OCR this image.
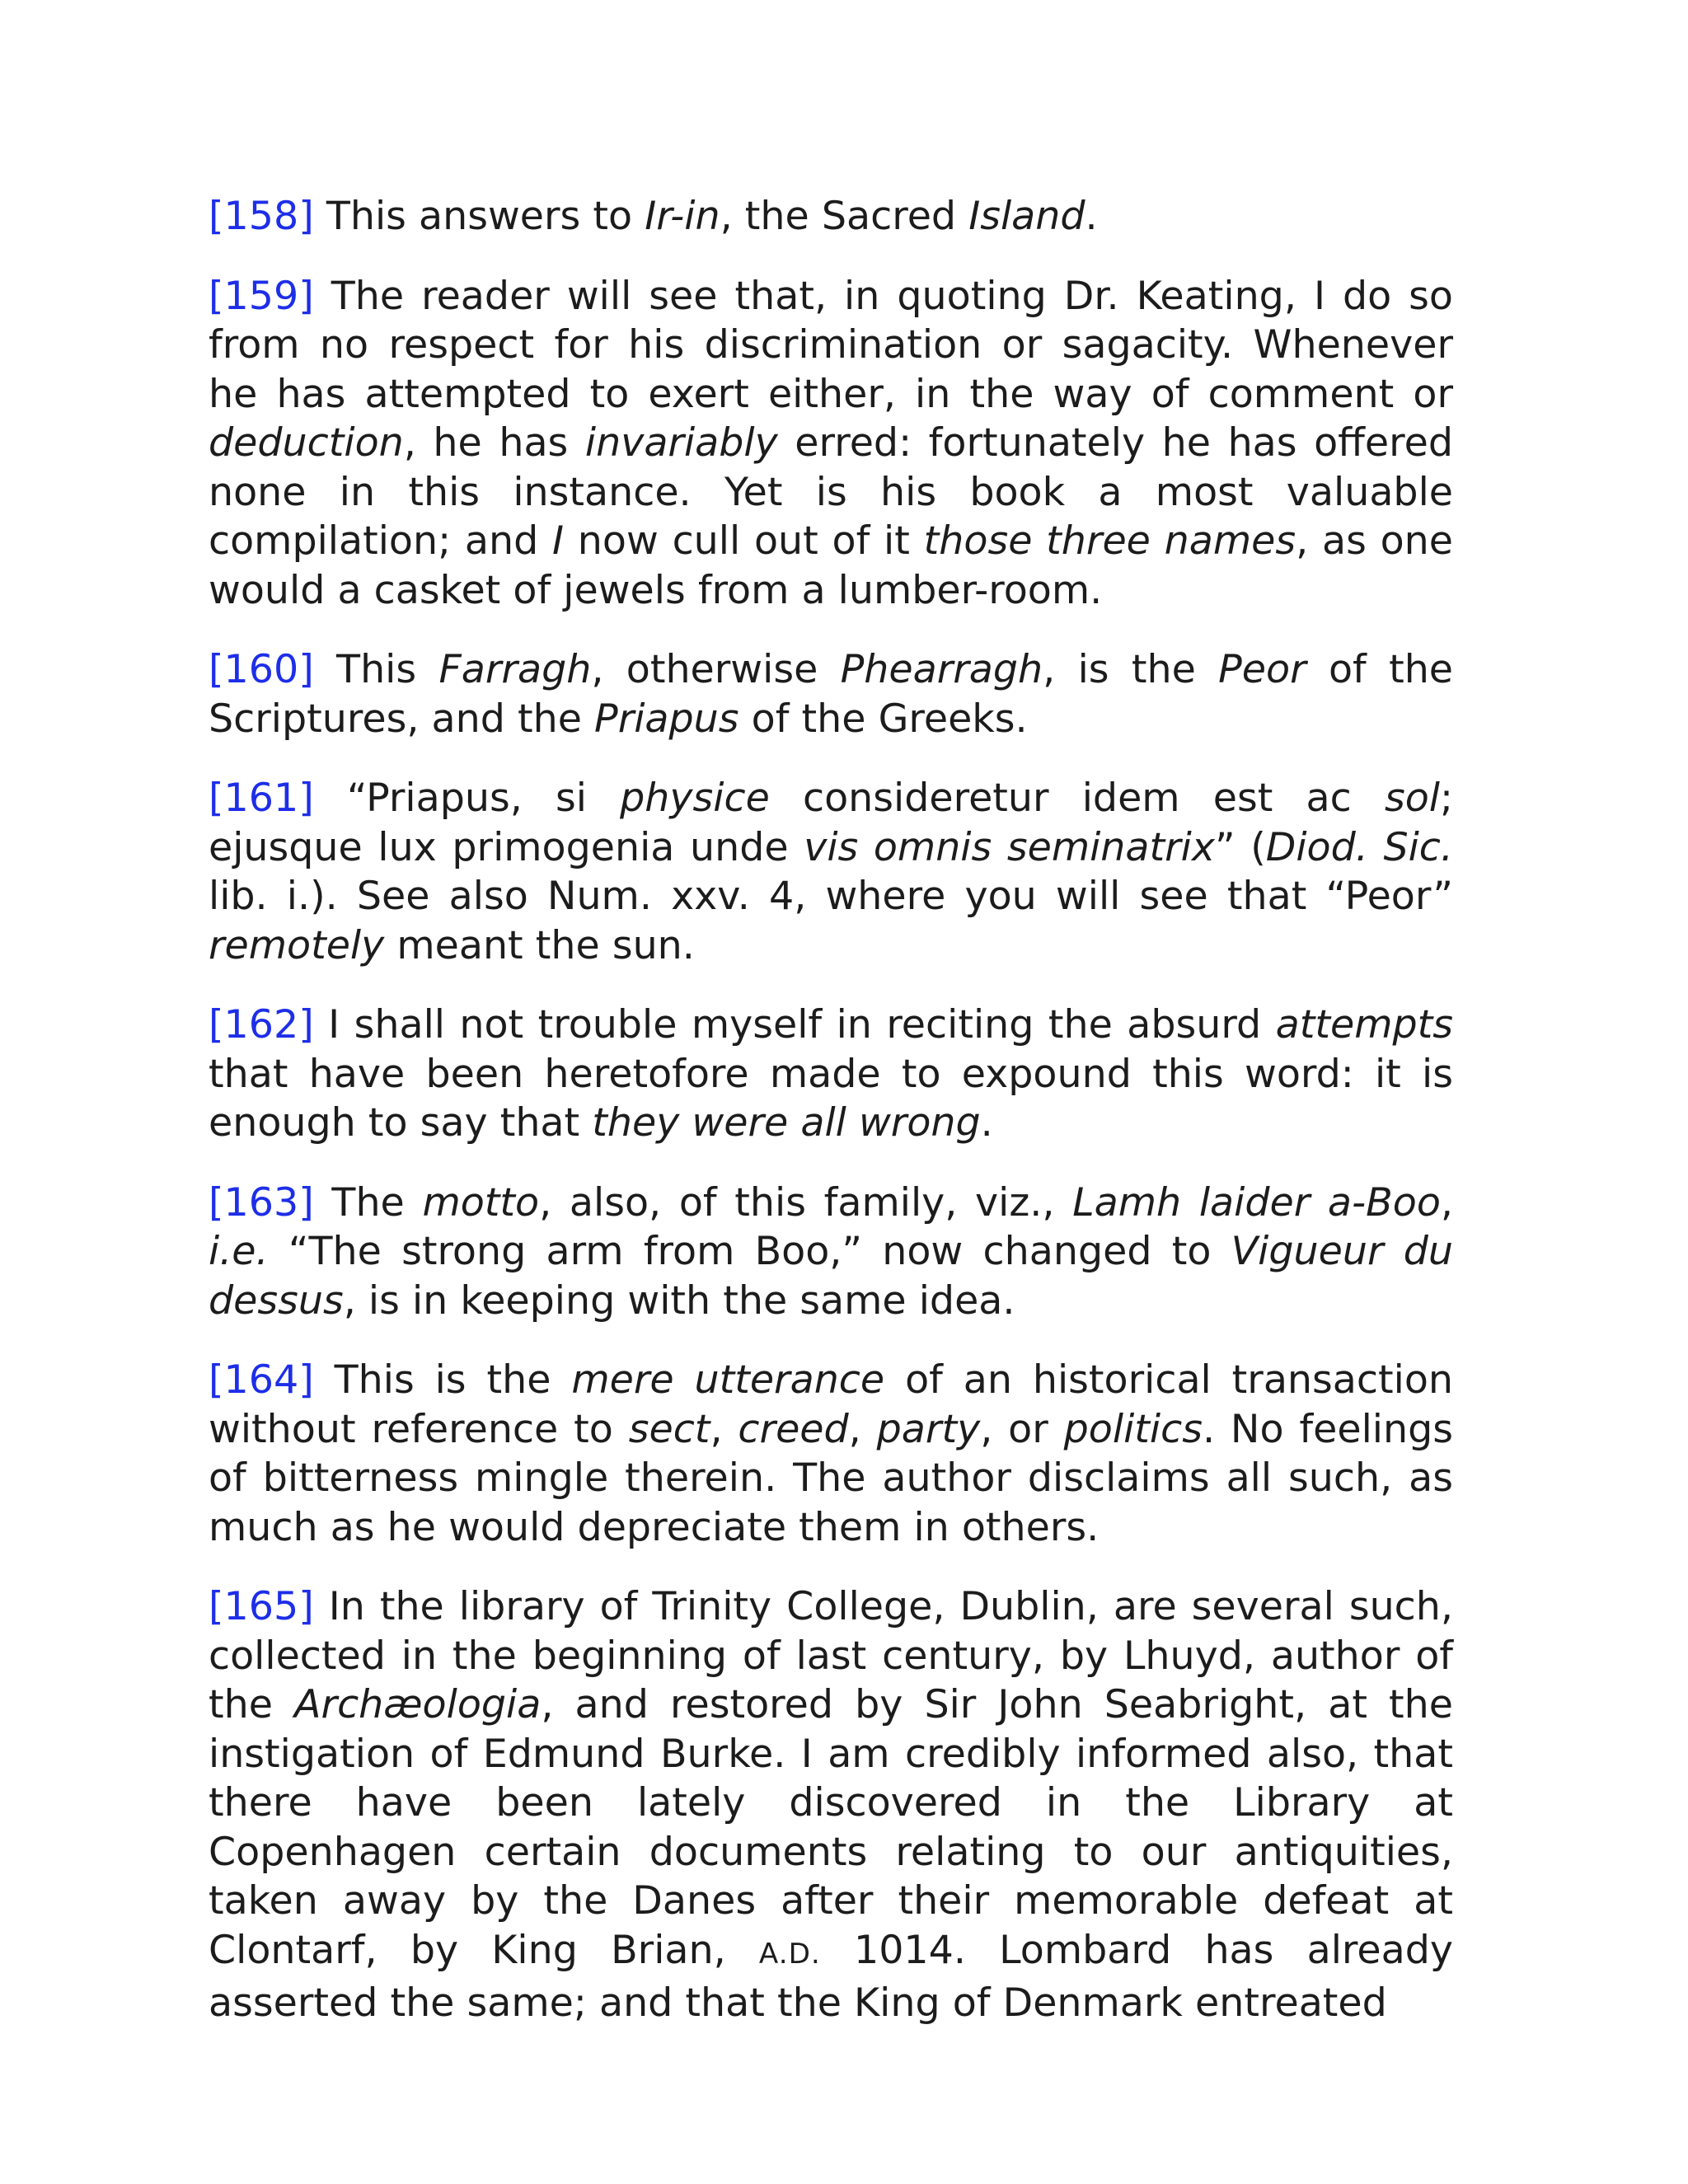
[158] This answers to Ir-in, the Sacred Island.

[159] The reader will see that, in quoting Dr. Keating, I do so from no respect for his discrimination or sagacity. Whenever he has attempted to exert either, in the way of comment or deduction, he has invariably erred: fortunately he has offered none in this instance. Yet is his book a most valuable compilation; and I now cull out of it those three names, as one would a casket of jewels from a lumber-room.

[160] This Farragh, otherwise Phearragh, is the Peor of the Scriptures, and the Priapus of the Greeks.

[161] “Priapus, si physice consideretur idem est ac sol; ejusque lux primogenia unde vis omnis seminatrix” (Diod. Sic. lib. i.). See also Num. xxv. 4, where you will see that “Peor” remotely meant the sun.

[162] I shall not trouble myself in reciting the absurd attempts that have been heretofore made to expound this word: it is enough to say that they were all wrong.

[163] The motto, also, of this family, viz., Lamh laider a-Boo, i.e. “The strong arm from Boo,” now changed to Vigueur du dessus, is in keeping with the same idea.

[164] This is the mere utterance of an historical transaction without reference to sect, creed, party, or politics. No feelings of bitterness mingle therein. The author disclaims all such, as much as he would depreciate them in others.

[165] In the library of Trinity College, Dublin, are several such, collected in the beginning of last century, by Lhuyd, author of the Archæologia, and restored by Sir John Seabright, at the instigation of Edmund Burke. I am credibly informed also, that there have been lately discovered in the Library at Copenhagen certain documents relating to our antiquities, taken away by the Danes after their memorable defeat at Clontarf, by King Brian, A.D. 1014. Lombard has already asserted the same; and that the King of Denmark entreated
